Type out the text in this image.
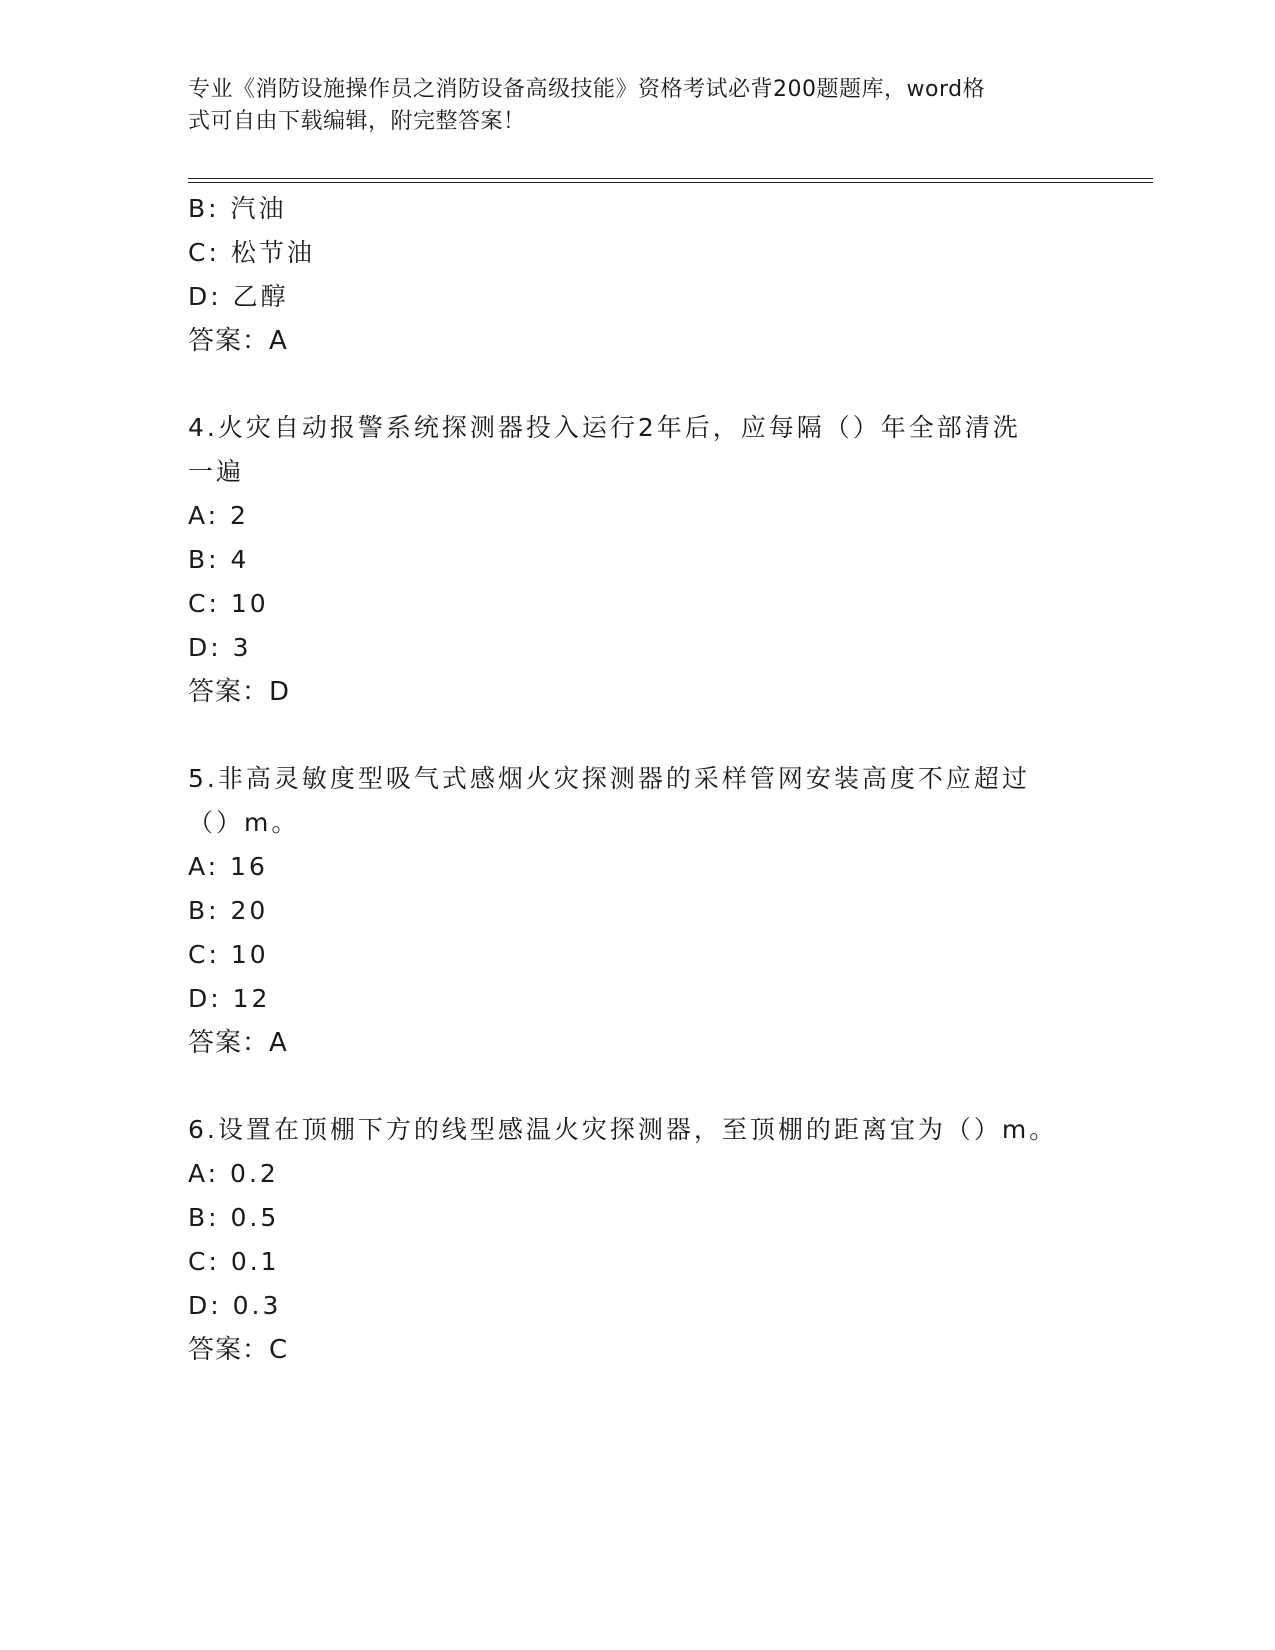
专业《消防设施操作员之消防设备高级技能》资格考试必背200题题库，word格
式可自由下载编辑，附完整答案！
B: 汽油
C: 松节油
D: 乙醇
答案：A
4.火灾自动报警系统探测器投入运行2年后，应每隔（）年全部清洗
一遍
A: 2
B: 4
C: 10
D: 3
答案：D
5.非高灵敏度型吸气式感烟火灾探测器的采样管网安装高度不应超过
（）m。
A: 16
B: 20
C: 10
D: 12
答案：A
6.设置在顶棚下方的线型感温火灾探测器，至顶棚的距离宜为（）m。
A: 0.2
B: 0.5
C: 0.1
D: 0.3
答案：C
